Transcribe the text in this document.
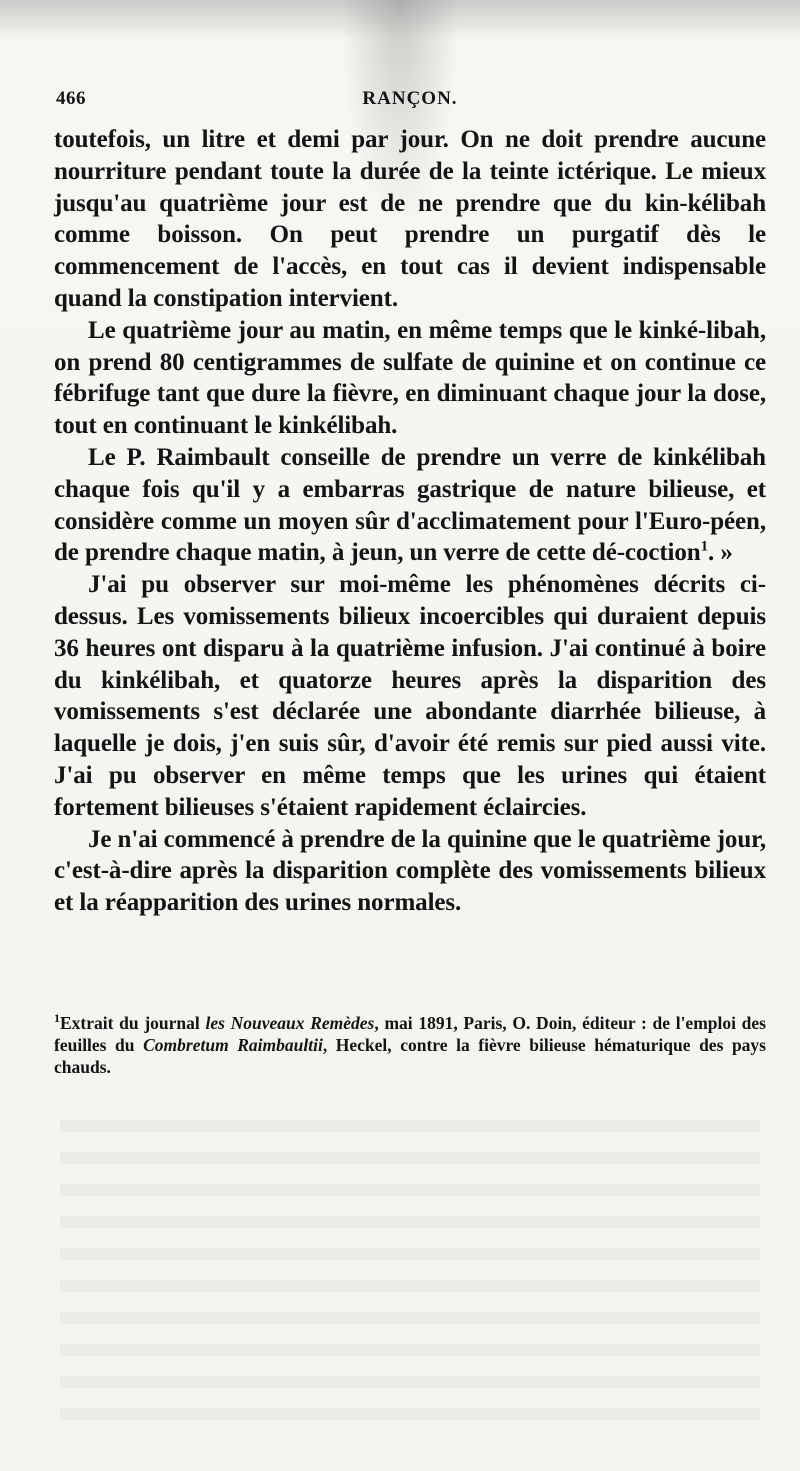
466	RANÇON.

toutefois, un litre et demi par jour. On ne doit prendre aucune nourriture pendant toute la durée de la teinte ictérique. Le mieux jusqu'au quatrième jour est de ne prendre que du kin-kélibah comme boisson. On peut prendre un purgatif dès le commencement de l'accès, en tout cas il devient indispensable quand la constipation intervient.

Le quatrième jour au matin, en même temps que le kinké-libah, on prend 80 centigrammes de sulfate de quinine et on continue ce fébrifuge tant que dure la fièvre, en diminuant chaque jour la dose, tout en continuant le kinkélibah.

Le P. Raimbault conseille de prendre un verre de kinkélibah chaque fois qu'il y a embarras gastrique de nature bilieuse, et considère comme un moyen sûr d'acclimatement pour l'Euro-péen, de prendre chaque matin, à jeun, un verre de cette dé-coction$^1$. »

J'ai pu observer sur moi-même les phénomènes décrits ci-dessus. Les vomissements bilieux incoercibles qui duraient depuis 36 heures ont disparu à la quatrième infusion. J'ai continué à boire du kinkélibah, et quatorze heures après la disparition des vomissements s'est déclarée une abondante diarrhée bilieuse, à laquelle je dois, j'en suis sûr, d'avoir été remis sur pied aussi vite. J'ai pu observer en même temps que les urines qui étaient fortement bilieuses s'étaient rapidement éclaircies.

Je n'ai commencé à prendre de la quinine que le quatrième jour, c'est-à-dire après la disparition complète des vomissements bilieux et la réapparition des urines normales.

$^1$Extrait du journal les Nouveaux Remèdes, mai 1891, Paris, O. Doin, éditeur : de l'emploi des feuilles du Combretum Raimbaultii, Heckel, contre la fièvre bilieuse hématurique des pays chauds.
